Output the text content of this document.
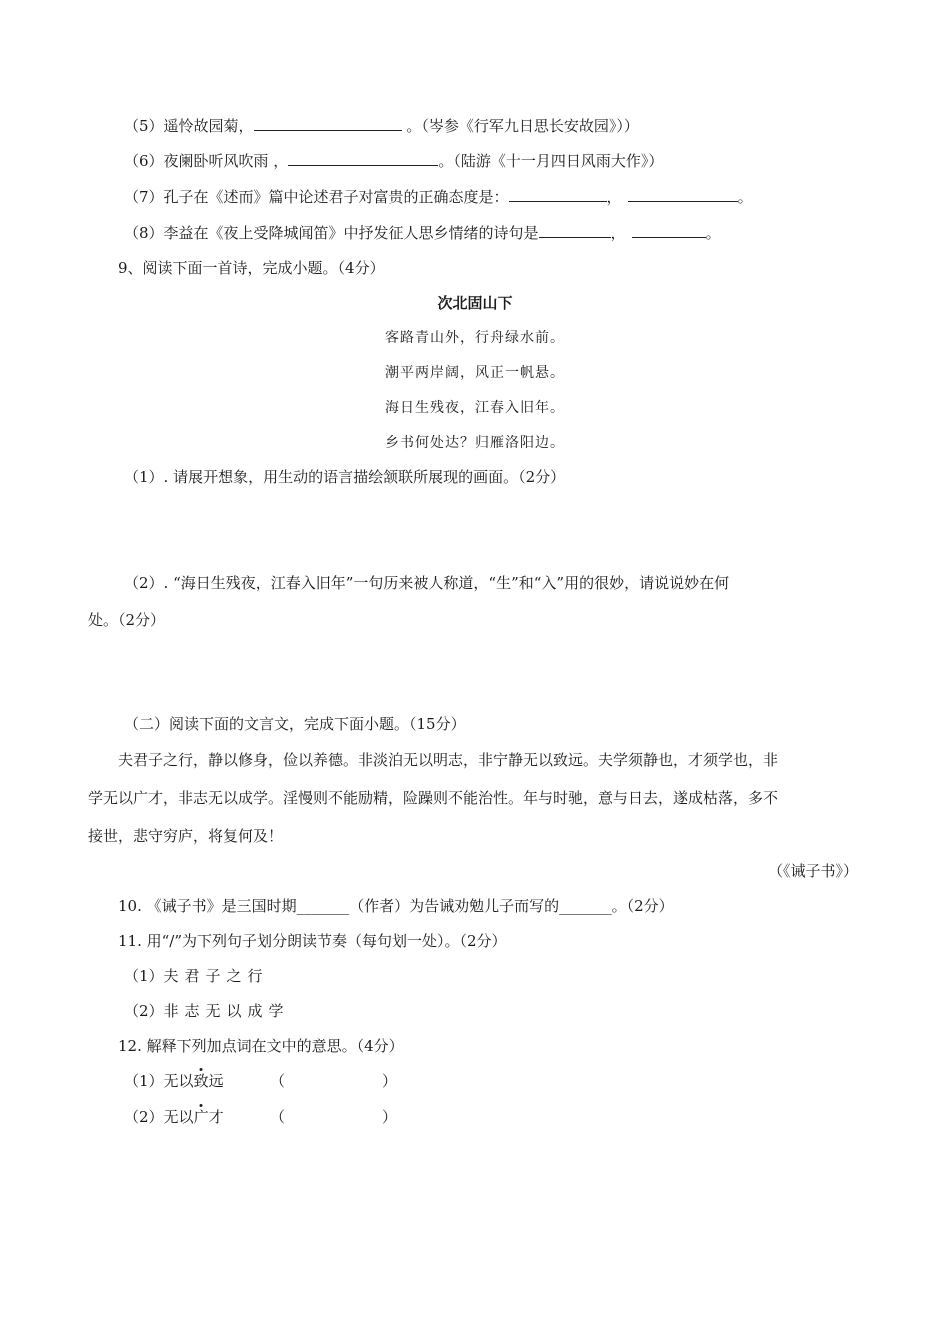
（5）遥怜故园菊，	。（岑参《行军九日思长安故园》））
（6）夜阑卧听风吹雨 ，	。（陆游《十一月四日风雨大作》）
（7）孔子在《述而》篇中论述君子对富贵的正确态度是：	，	。
（8）李益在《夜上受降城闻笛》中抒发征人思乡情绪的诗句是	，	。
9、阅读下面一首诗，完成小题。（4分）
次北固山下
客路青山外，行舟绿水前。
潮平两岸阔，风正一帆悬。
海日生残夜，江春入旧年。
乡书何处达？归雁洛阳边。
（1）. 请展开想象，用生动的语言描绘颔联所展现的画面。（2分）
（2）. “海日生残夜，江春入旧年”一句历来被人称道，“生”和“入”用的很妙，请说说妙在何
处。（2分）
（二）阅读下面的文言文，完成下面小题。（15分）
夫君子之行，静以修身，俭以养德。非淡泊无以明志，非宁静无以致远。夫学须静也，才须学也，非
学无以广才，非志无以成学。淫慢则不能励精，险躁则不能治性。年与时驰，意与日去，遂成枯落，多不
接世，悲守穷庐，将复何及！
（《诫子书》）
10. 《诫子书》是三国时期_______（作者）为告诫劝勉儿子而写的_______。（2分）
11. 用“/”为下列句子划分朗读节奏（每句划一处）。（2分）
（1）夫君子之行
（2）非志无以成学
12. 解释下列加点词在文中的意思。（4分）
（1）无以致远	（	）
（2）无以广才	（	）
